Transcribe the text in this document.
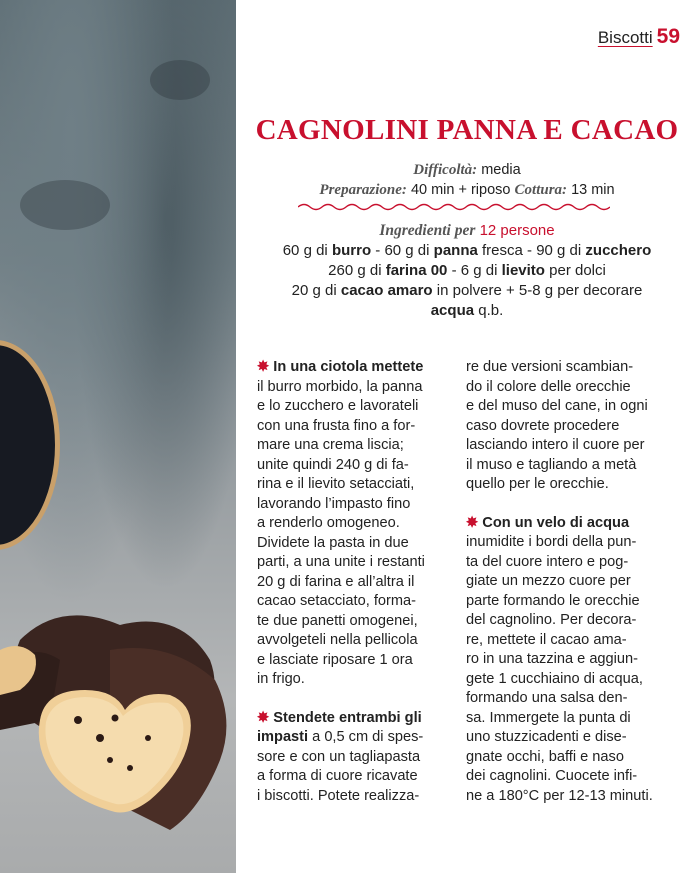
Biscotti 59
CAGNOLINI PANNA E CACAO
Difficoltà: media
Preparazione: 40 min + riposo Cottura: 13 min
Ingredienti per 12 persone
60 g di burro - 60 g di panna fresca - 90 g di zucchero
260 g di farina 00 - 6 g di lievito per dolci
20 g di cacao amaro in polvere + 5-8 g per decorare
acqua q.b.

✸ In una ciotola mettete
il burro morbido, la panna
e lo zucchero e lavorateli
con una frusta fino a for-
mare una crema liscia;
unite quindi 240 g di fa-
rina e il lievito setacciati,
lavorando l’impasto fino
a renderlo omogeneo.
Dividete la pasta in due
parti, a una unite i restanti
20 g di farina e all’altra il
cacao setacciato, forma-
te due panetti omogenei,
avvolgeteli nella pellicola
e lasciate riposare 1 ora
in frigo.

✸ Stendete entrambi gli
impasti a 0,5 cm di spes-
sore e con un tagliapasta
a forma di cuore ricavate
i biscotti. Potete realizza-

re due versioni scambian-
do il colore delle orecchie
e del muso del cane, in ogni
caso dovrete procedere
lasciando intero il cuore per
il muso e tagliando a metà
quello per le orecchie.

✸ Con un velo di acqua
inumidite i bordi della pun-
ta del cuore intero e pog-
giate un mezzo cuore per
parte formando le orecchie
del cagnolino. Per decora-
re, mettete il cacao ama-
ro in una tazzina e aggiun-
gete 1 cucchiaino di acqua,
formando una salsa den-
sa. Immergete la punta di
uno stuzzicadenti e dise-
gnate occhi, baffi e naso
dei cagnolini. Cuocete infi-
ne a 180°C per 12-13 minuti.
